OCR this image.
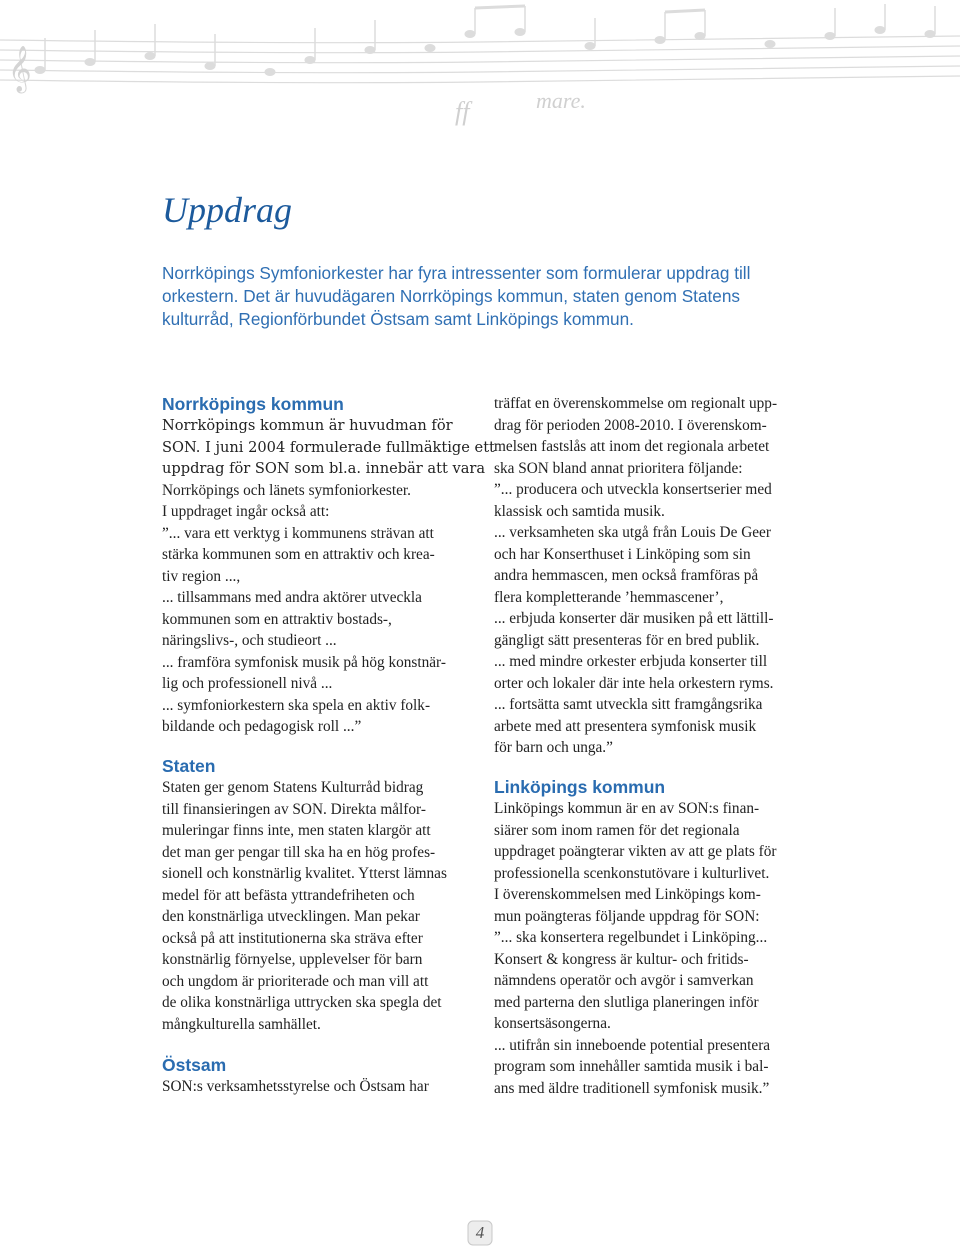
𝄞
mare.
ff
Uppdrag
Norrköpings Symfoniorkester har fyra intressenter som formulerar uppdrag till
orkestern. Det är huvudägaren Norrköpings kommun, staten genom Statens
kulturråd, Regionförbundet Östsam samt Linköpings kommun.
Norrköpings kommun
Norrköpings kommun är huvudman för
SON. I juni 2004 formulerade fullmäktige ett
uppdrag för SON som bl.a. innebär att vara
Norrköpings och länets symfoniorkester.
I uppdraget ingår också att:
”... vara ett verktyg i kommunens strävan att
stärka kommunen som en attraktiv och krea-
tiv region ...,
... tillsammans med andra aktörer utveckla
kommunen som en attraktiv bostads-,
näringslivs-, och studieort ...
... framföra symfonisk musik på hög konstnär-
lig och professionell nivå ...
... symfoniorkestern ska spela en aktiv folk-
bildande och pedagogisk roll ...”
Staten
Staten ger genom Statens Kulturråd bidrag
till finansieringen av SON. Direkta målfor-
muleringar finns inte, men staten klargör att
det man ger pengar till ska ha en hög profes-
sionell och konstnärlig kvalitet. Ytterst lämnas
medel för att befästa yttrandefriheten och
den konstnärliga utvecklingen. Man pekar
också på att institutionerna ska sträva efter
konstnärlig förnyelse, upplevelser för barn
och ungdom är prioriterade och man vill att
de olika konstnärliga uttrycken ska spegla det
mångkulturella samhället.
Östsam
SON:s verksamhetsstyrelse och Östsam har
träffat en överenskommelse om regionalt upp-
drag för perioden 2008-2010. I överenskom-
melsen fastslås att inom det regionala arbetet
ska SON bland annat prioritera följande:
”... producera och utveckla konsertserier med
klassisk och samtida musik.
... verksamheten ska utgå från Louis De Geer
och har Konserthuset i Linköping som sin
andra hemmascen, men också framföras på
flera kompletterande ’hemmascener’,
... erbjuda konserter där musiken på ett lättill-
gängligt sätt presenteras för en bred publik.
... med mindre orkester erbjuda konserter till
orter och lokaler där inte hela orkestern ryms.
... fortsätta samt utveckla sitt framgångsrika
arbete med att presentera symfonisk musik
för barn och unga.”
Linköpings kommun
Linköpings kommun är en av SON:s finan-
siärer som inom ramen för det regionala
uppdraget poängterar vikten av att ge plats för
professionella scenkonstutövare i kulturlivet.
I överenskommelsen med Linköpings kom-
mun poängteras följande uppdrag för SON:
”... ska konsertera regelbundet i Linköping...
Konsert & kongress är kultur- och fritids-
nämndens operatör och avgör i samverkan
med parterna den slutliga planeringen inför
konsertsäsongerna.
... utifrån sin inneboende potential presentera
program som innehåller samtida musik i bal-
ans med äldre traditionell symfonisk musik.”
4
